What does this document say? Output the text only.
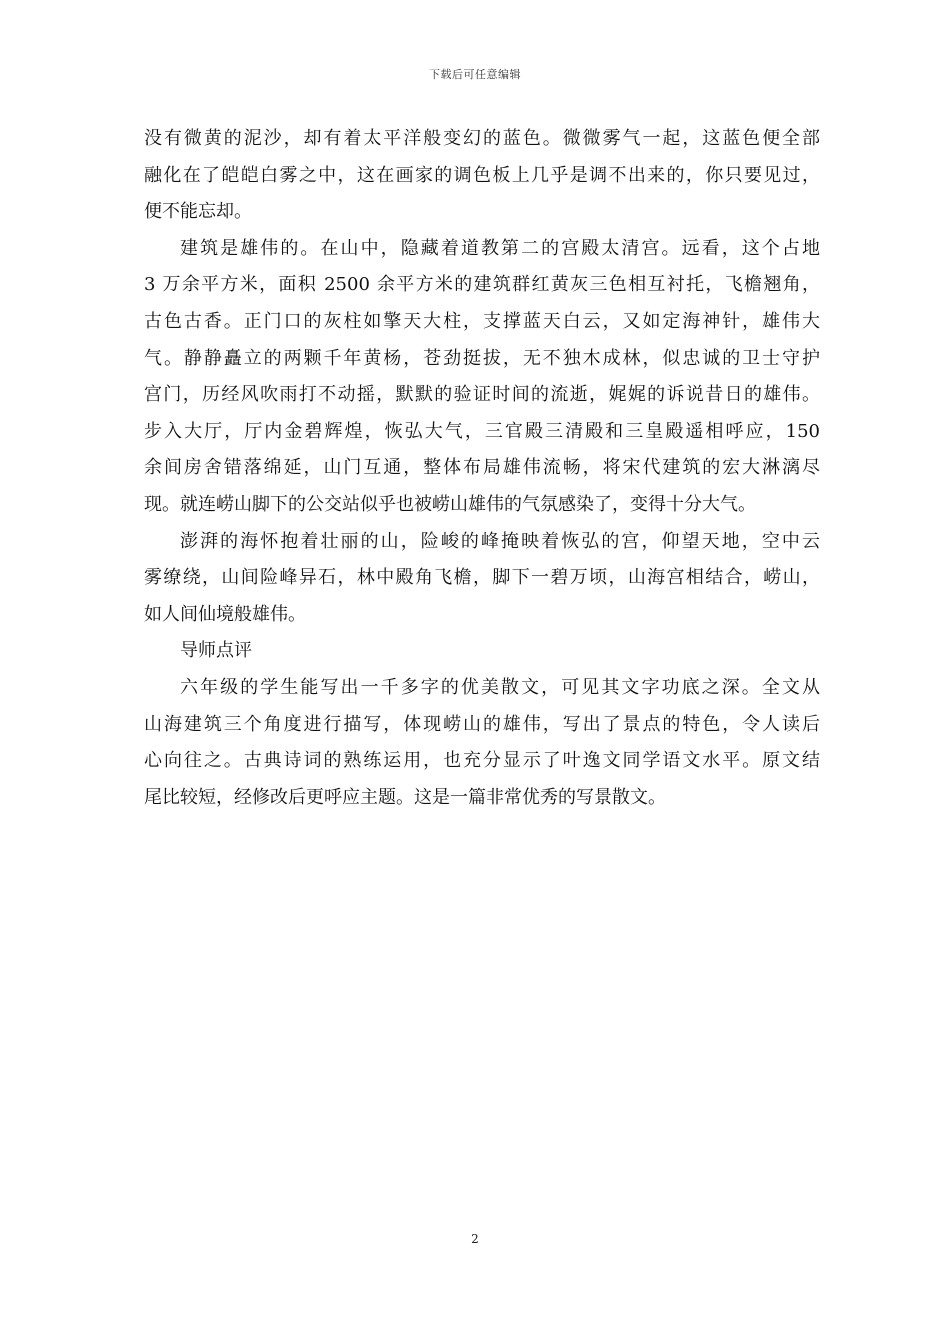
下载后可任意编辑
没有微黄的泥沙，却有着太平洋般变幻的蓝色。微微雾气一起，这蓝色便全部
融化在了皑皑白雾之中，这在画家的调色板上几乎是调不出来的，你只要见过，
便不能忘却。
建筑是雄伟的。在山中，隐藏着道教第二的宫殿太清宫。远看，这个占地
3 万余平方米，面积 2500 余平方米的建筑群红黄灰三色相互衬托，飞檐翘角，
古色古香。正门口的灰柱如擎天大柱，支撑蓝天白云，又如定海神针，雄伟大
气。静静矗立的两颗千年黄杨，苍劲挺拔，无不独木成林，似忠诚的卫士守护
宫门，历经风吹雨打不动摇，默默的验证时间的流逝，娓娓的诉说昔日的雄伟。
步入大厅，厅内金碧辉煌，恢弘大气，三官殿三清殿和三皇殿遥相呼应，150
余间房舍错落绵延，山门互通，整体布局雄伟流畅，将宋代建筑的宏大淋漓尽
现。就连崂山脚下的公交站似乎也被崂山雄伟的气氛感染了，变得十分大气。
澎湃的海怀抱着壮丽的山，险峻的峰掩映着恢弘的宫，仰望天地，空中云
雾缭绕，山间险峰异石，林中殿角飞檐，脚下一碧万顷，山海宫相结合，崂山，
如人间仙境般雄伟。
导师点评
六年级的学生能写出一千多字的优美散文，可见其文字功底之深。全文从
山海建筑三个角度进行描写，体现崂山的雄伟，写出了景点的特色，令人读后
心向往之。古典诗词的熟练运用，也充分显示了叶逸文同学语文水平。原文结
尾比较短，经修改后更呼应主题。这是一篇非常优秀的写景散文。
2
